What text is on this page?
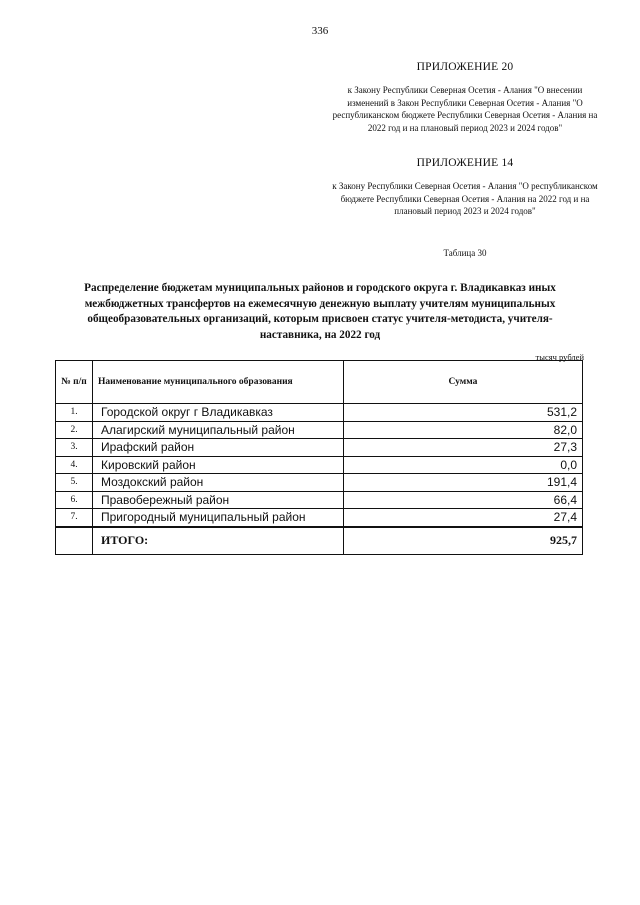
336
ПРИЛОЖЕНИЕ 20
к Закону Республики Северная Осетия - Алания "О внесении изменений в Закон Республики Северная Осетия - Алания "О республиканском бюджете Республики Северная Осетия - Алания на 2022 год и на плановый период 2023 и 2024 годов"
ПРИЛОЖЕНИЕ 14
к Закону Республики Северная Осетия - Алания "О республиканском бюджете Республики Северная Осетия - Алания на 2022 год и на плановый период 2023 и 2024 годов"
Таблица 30
Распределение бюджетам муниципальных районов и городского округа г. Владикавказ иных межбюджетных трансфертов на ежемесячную денежную выплату учителям муниципальных общеобразовательных организаций, которым присвоен статус учителя-методиста, учителя-наставника, на 2022 год
тысяч рублей
№ п/п	Наименование муниципального образования	Сумма
1.	Городской округ г Владикавказ	531,2
2.	Алагирский муниципальный район	82,0
3.	Ирафский район	27,3
4.	Кировский район	0,0
5.	Моздокский район	191,4
6.	Правобережный район	66,4
7.	Пригородный муниципальный район	27,4
	ИТОГО:	925,7
